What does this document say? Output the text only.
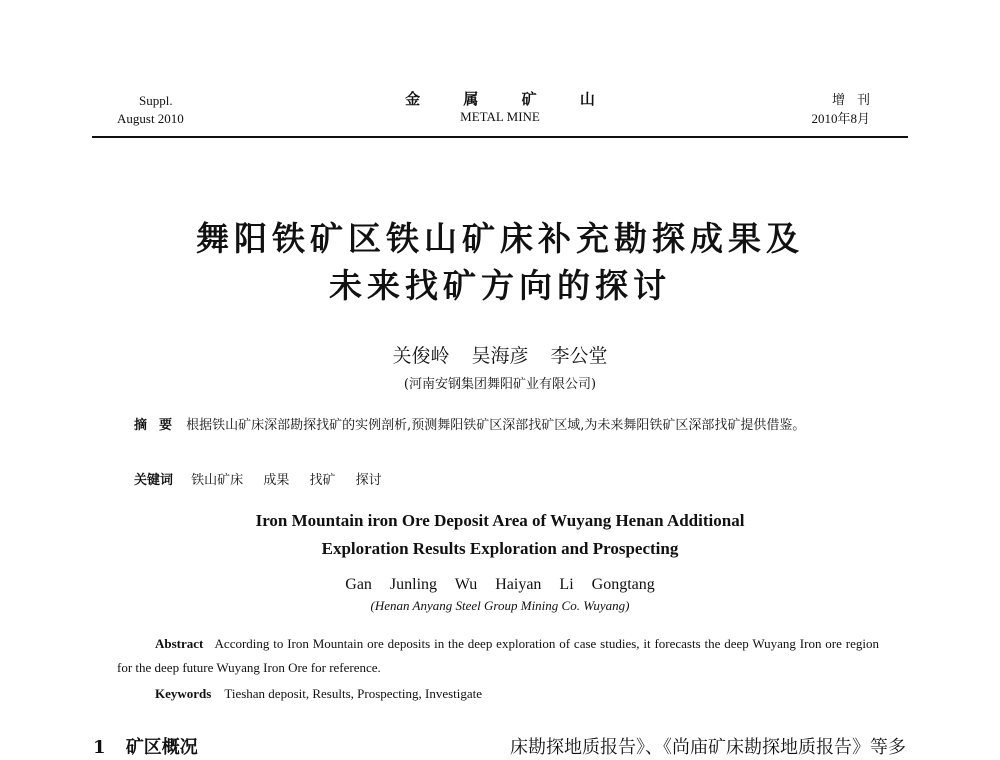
Suppl.
August 2010
金 属 矿 山
METAL MINE
增刊
2010年8月
舞阳铁矿区铁山矿床补充勘探成果及
未来找矿方向的探讨
关俊岭 吴海彦 李公堂
(河南安钢集团舞阳矿业有限公司)
摘要 根据铁山矿床深部勘探找矿的实例剖析,预测舞阳铁矿区深部找矿区域,为未来舞阳铁矿区深部找矿提供借鉴。
关键词 铁山矿床 成果 找矿 探讨
Iron Mountain iron Ore Deposit Area of Wuyang Henan Additional
Exploration Results Exploration and Prospecting
Gan Junling Wu Haiyan Li Gongtang
(Henan Anyang Steel Group Mining Co. Wuyang)
Abstract According to Iron Mountain ore deposits in the deep exploration of case studies, it forecasts the deep Wuyang Iron ore region for the deep future Wuyang Iron Ore for reference.
Keywords Tieshan deposit, Results, Prospecting, Investigate
1 矿区概况	床勘探地质报告》、《尚庙矿床勘探地质报告》等多
